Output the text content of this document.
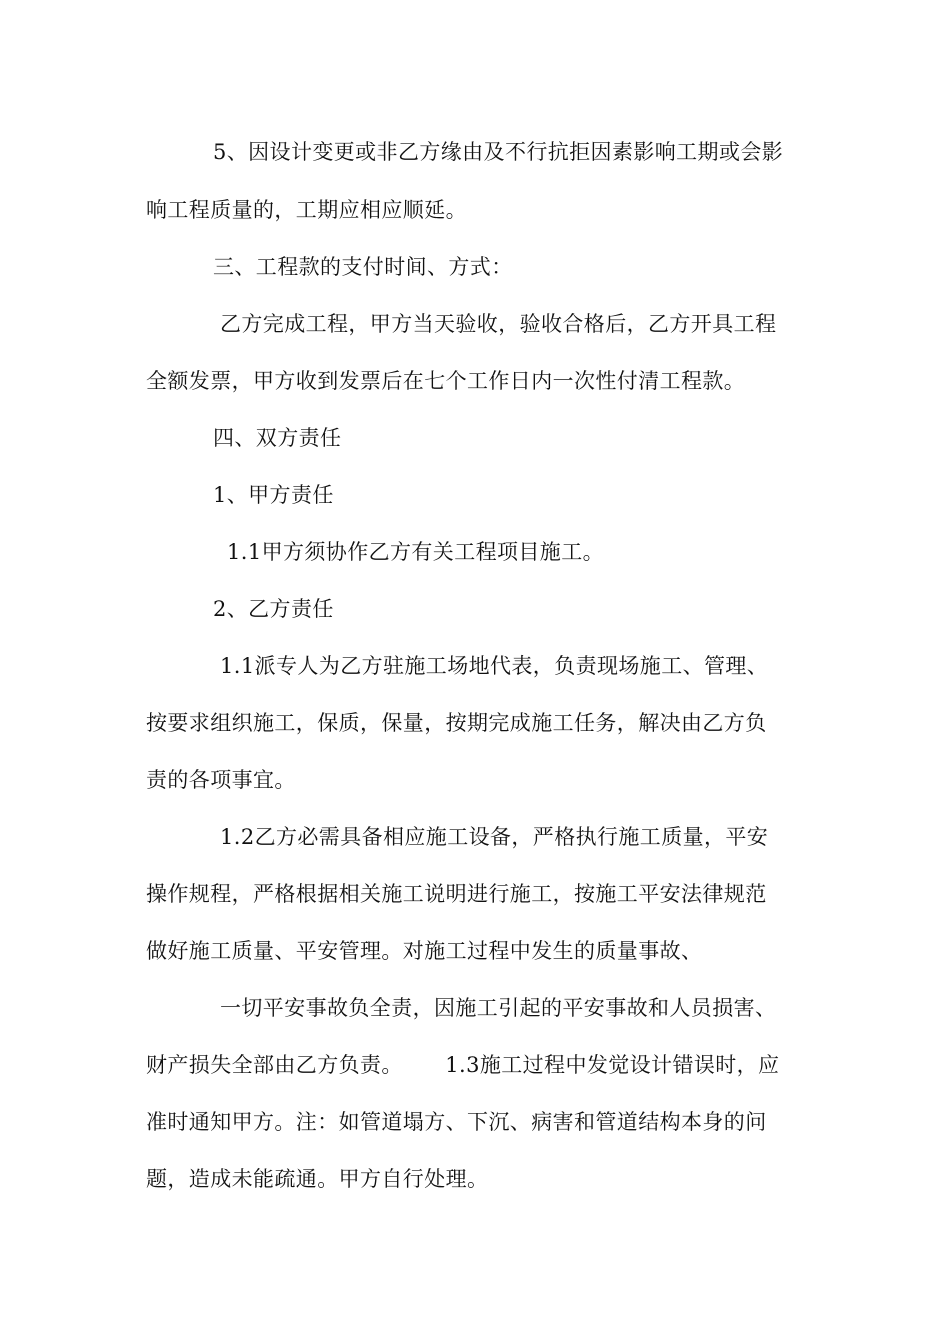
5、因设计变更或非乙方缘由及不行抗拒因素影响工期或会影
响工程质量的，工期应相应顺延。
三、工程款的支付时间、方式：
乙方完成工程，甲方当天验收，验收合格后，乙方开具工程
全额发票，甲方收到发票后在七个工作日内一次性付清工程款。
四、双方责任
1、甲方责任
1.1甲方须协作乙方有关工程项目施工。
2、乙方责任
1.1派专人为乙方驻施工场地代表，负责现场施工、管理、
按要求组织施工，保质，保量，按期完成施工任务，解决由乙方负
责的各项事宜。
1.2乙方必需具备相应施工设备，严格执行施工质量，平安
操作规程，严格根据相关施工说明进行施工，按施工平安法律规范
做好施工质量、平安管理。对施工过程中发生的质量事故、
一切平安事故负全责，因施工引起的平安事故和人员损害、
财产损失全部由乙方负责。      1.3施工过程中发觉设计错误时，应
准时通知甲方。注：如管道塌方、下沉、病害和管道结构本身的问
题，造成未能疏通。甲方自行处理。
